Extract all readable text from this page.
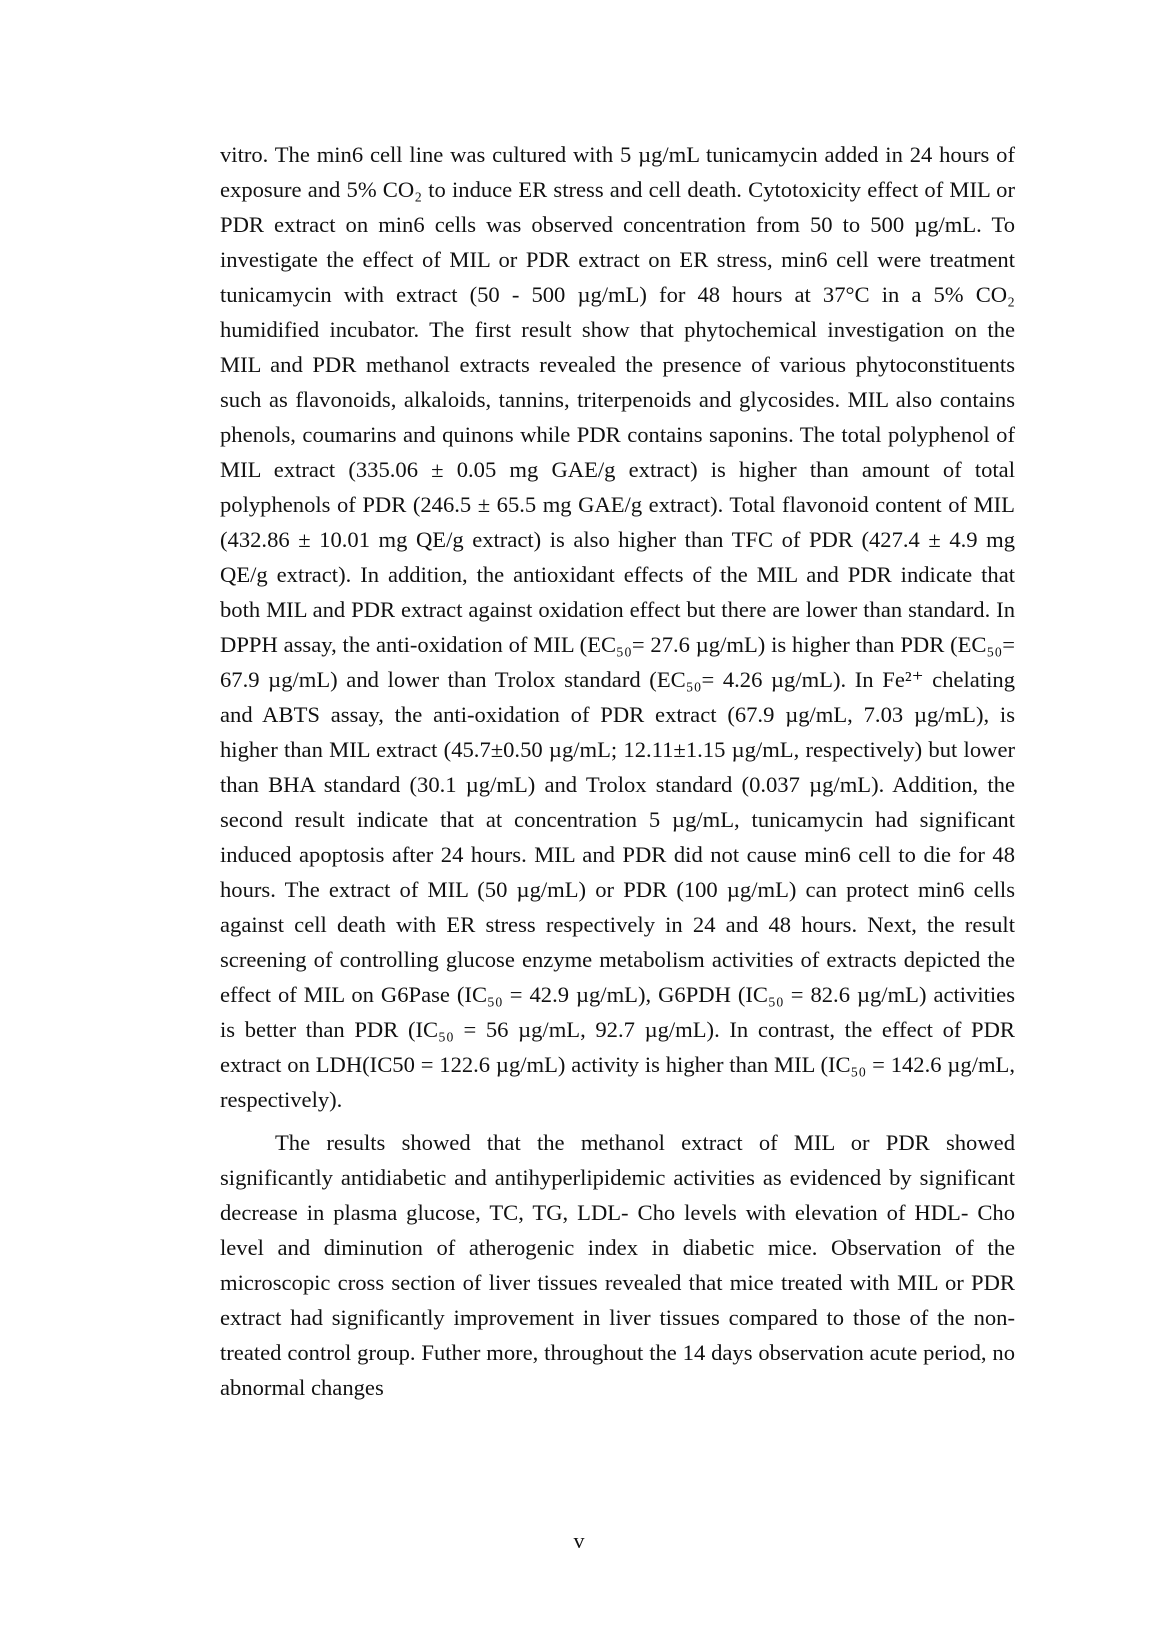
vitro. The min6 cell line was cultured with 5 µg/mL tunicamycin added in 24 hours of exposure and 5% CO₂ to induce ER stress and cell death. Cytotoxicity effect of MIL or PDR extract on min6 cells was observed concentration from 50 to 500 µg/mL. To investigate the effect of MIL or PDR extract on ER stress, min6 cell were treatment tunicamycin with extract (50 - 500 µg/mL) for 48 hours at 37°C in a 5% CO₂ humidified incubator. The first result show that phytochemical investigation on the MIL and PDR methanol extracts revealed the presence of various phytoconstituents such as flavonoids, alkaloids, tannins, triterpenoids and glycosides. MIL also contains phenols, coumarins and quinons while PDR contains saponins. The total polyphenol of MIL extract (335.06 ± 0.05 mg GAE/g extract) is higher than amount of total polyphenols of PDR (246.5 ± 65.5 mg GAE/g extract). Total flavonoid content of MIL (432.86 ± 10.01 mg QE/g extract) is also higher than TFC of PDR (427.4 ± 4.9 mg QE/g extract). In addition, the antioxidant effects of the MIL and PDR indicate that both MIL and PDR extract against oxidation effect but there are lower than standard. In DPPH assay, the anti-oxidation of MIL (EC₅₀= 27.6 µg/mL) is higher than PDR (EC₅₀= 67.9 µg/mL) and lower than Trolox standard (EC₅₀= 4.26 µg/mL). In Fe²⁺ chelating and ABTS assay, the anti-oxidation of PDR extract (67.9 µg/mL, 7.03 µg/mL), is higher than MIL extract (45.7±0.50 µg/mL; 12.11±1.15 µg/mL, respectively) but lower than BHA standard (30.1 µg/mL) and Trolox standard (0.037 µg/mL). Addition, the second result indicate that at concentration 5 µg/mL, tunicamycin had significant induced apoptosis after 24 hours. MIL and PDR did not cause min6 cell to die for 48 hours. The extract of MIL (50 µg/mL) or PDR (100 µg/mL) can protect min6 cells against cell death with ER stress respectively in 24 and 48 hours. Next, the result screening of controlling glucose enzyme metabolism activities of extracts depicted the effect of MIL on G6Pase (IC₅₀ = 42.9 µg/mL), G6PDH (IC₅₀ = 82.6 µg/mL) activities is better than PDR (IC₅₀ = 56 µg/mL, 92.7 µg/mL). In contrast, the effect of PDR extract on LDH(IC50 = 122.6 µg/mL) activity is higher than MIL (IC₅₀ = 142.6 µg/mL, respectively).

The results showed that the methanol extract of MIL or PDR showed significantly antidiabetic and antihyperlipidemic activities as evidenced by significant decrease in plasma glucose, TC, TG, LDL- Cho levels with elevation of HDL- Cho level and diminution of atherogenic index in diabetic mice. Observation of the microscopic cross section of liver tissues revealed that mice treated with MIL or PDR extract had significantly improvement in liver tissues compared to those of the non-treated control group. Futher more, throughout the 14 days observation acute period, no abnormal changes

v
